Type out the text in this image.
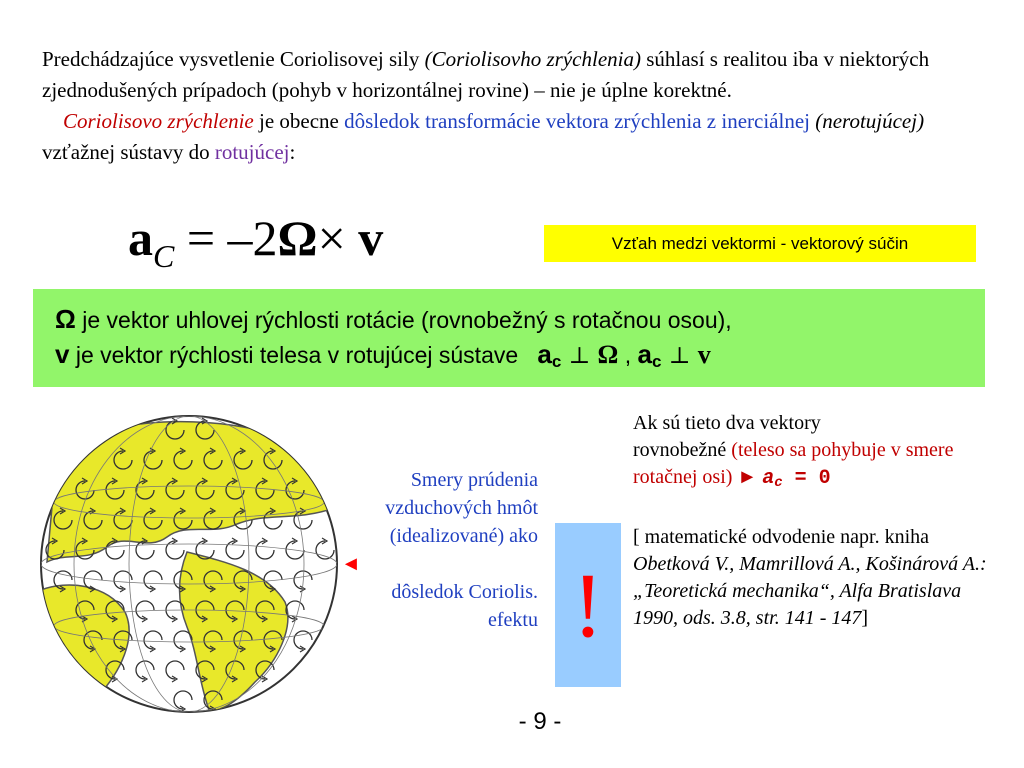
Predchádzajúce vysvetlenie Coriolisovej sily (Coriolisovho zrýchlenia) súhlasí s realitou iba v niektorých zjednodušených prípadoch (pohyb v horizontálnej rovine) – nie je úplne korektné.
Coriolisovo zrýchlenie je obecne dôsledok transformácie vektora zrýchlenia z inerciálnej (nerotujúcej) vzťažnej sústavy do rotujúcej:
$a_C = -2\Omega\times v$	Vzťah medzi vektormi - vektorový súčin
Ω je vektor uhlovej rýchlosti rotácie (rovnobežný s rotačnou osou),
v je vektor rýchlosti telesa v rotujúcej sústave ac ⊥ Ω , ac ⊥ v
Smery prúdenia
vzduchových hmôt
(idealizované) ako
◄
dôsledok Coriolis.
efektu !
Ak sú tieto dva vektory
rovnobežné (teleso sa pohybuje v smere rotačnej osi) ► ac = 0
[ matematické odvodenie napr. kniha Obetková V., Mamrillová A., Košinárová A.: „Teoretická mechanika“, Alfa Bratislava 1990, ods. 3.8, str. 141 - 147]
- 9 -
